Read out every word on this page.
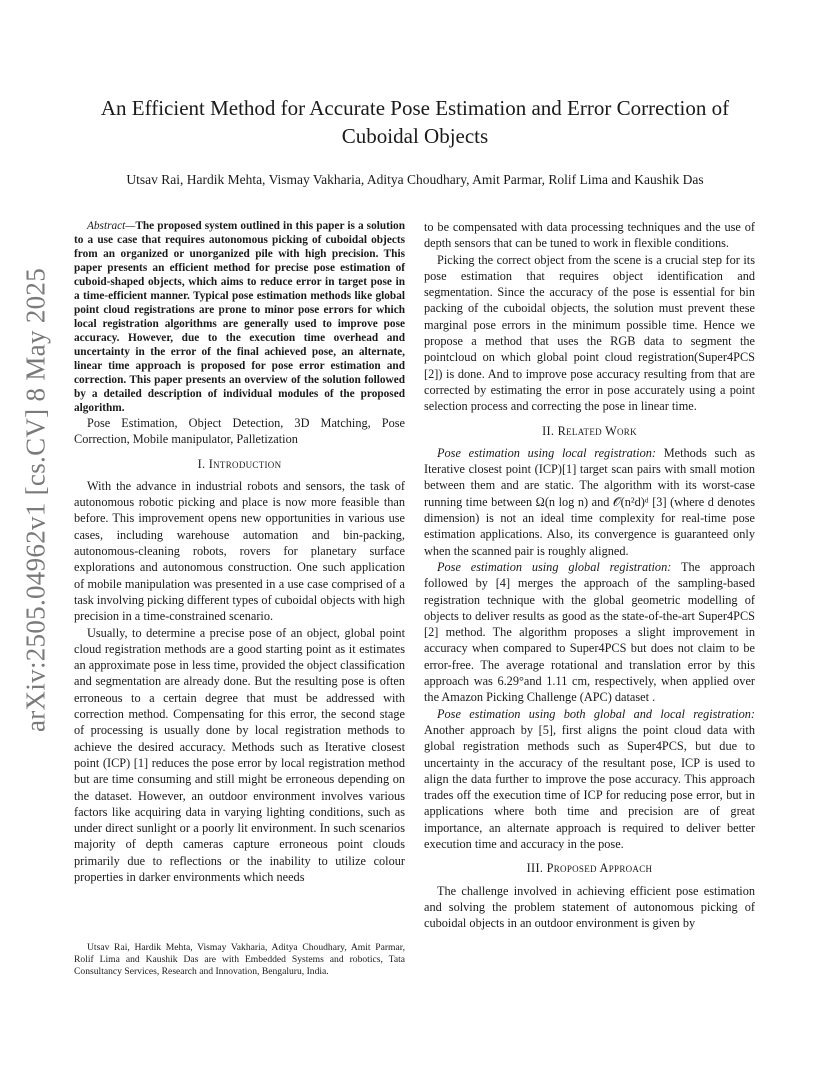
arXiv:2505.04962v1 [cs.CV] 8 May 2025
An Efficient Method for Accurate Pose Estimation and Error Correction of Cuboidal Objects
Utsav Rai, Hardik Mehta, Vismay Vakharia, Aditya Choudhary, Amit Parmar, Rolif Lima and Kaushik Das

Abstract—The proposed system outlined in this paper is a solution to a use case that requires autonomous picking of cuboidal objects from an organized or unorganized pile with high precision. This paper presents an efficient method for precise pose estimation of cuboid-shaped objects, which aims to reduce error in target pose in a time-efficient manner. Typical pose estimation methods like global point cloud registrations are prone to minor pose errors for which local registration algorithms are generally used to improve pose accuracy. However, due to the execution time overhead and uncertainty in the error of the final achieved pose, an alternate, linear time approach is proposed for pose error estimation and correction. This paper presents an overview of the solution followed by a detailed description of individual modules of the proposed algorithm.

Pose Estimation, Object Detection, 3D Matching, Pose Correction, Mobile manipulator, Palletization

I. Introduction

With the advance in industrial robots and sensors, the task of autonomous robotic picking and place is now more feasible than before. This improvement opens new opportunities in various use cases, including warehouse automation and bin-packing, autonomous-cleaning robots, rovers for planetary surface explorations and autonomous construction. One such application of mobile manipulation was presented in a use case comprised of a task involving picking different types of cuboidal objects with high precision in a time-constrained scenario.

Usually, to determine a precise pose of an object, global point cloud registration methods are a good starting point as it estimates an approximate pose in less time, provided the object classification and segmentation are already done. But the resulting pose is often erroneous to a certain degree that must be addressed with correction method. Compensating for this error, the second stage of processing is usually done by local registration methods to achieve the desired accuracy. Methods such as Iterative closest point (ICP) [1] reduces the pose error by local registration method but are time consuming and still might be erroneous depending on the dataset. However, an outdoor environment involves various factors like acquiring data in varying lighting conditions, such as under direct sunlight or a poorly lit environment. In such scenarios majority of depth cameras capture erroneous point clouds primarily due to reflections or the inability to utilize colour properties in darker environments which needs

to be compensated with data processing techniques and the use of depth sensors that can be tuned to work in flexible conditions.

Picking the correct object from the scene is a crucial step for its pose estimation that requires object identification and segmentation. Since the accuracy of the pose is essential for bin packing of the cuboidal objects, the solution must prevent these marginal pose errors in the minimum possible time. Hence we propose a method that uses the RGB data to segment the pointcloud on which global point cloud registration(Super4PCS [2]) is done. And to improve pose accuracy resulting from that are corrected by estimating the error in pose accurately using a point selection process and correcting the pose in linear time.

II. Related Work

Pose estimation using local registration: Methods such as Iterative closest point (ICP)[1] target scan pairs with small motion between them and are static. The algorithm with its worst-case running time between Ω(n log n) and 𝒪(n²d)ᵈ [3] (where d denotes dimension) is not an ideal time complexity for real-time pose estimation applications. Also, its convergence is guaranteed only when the scanned pair is roughly aligned.

Pose estimation using global registration: The approach followed by [4] merges the approach of the sampling-based registration technique with the global geometric modelling of objects to deliver results as good as the state-of-the-art Super4PCS [2] method. The algorithm proposes a slight improvement in accuracy when compared to Super4PCS but does not claim to be error-free. The average rotational and translation error by this approach was 6.29°and 1.11 cm, respectively, when applied over the Amazon Picking Challenge (APC) dataset .

Pose estimation using both global and local registration: Another approach by [5], first aligns the point cloud data with global registration methods such as Super4PCS, but due to uncertainty in the accuracy of the resultant pose, ICP is used to align the data further to improve the pose accuracy. This approach trades off the execution time of ICP for reducing pose error, but in applications where both time and precision are of great importance, an alternate approach is required to deliver better execution time and accuracy in the pose.

III. Proposed Approach

The challenge involved in achieving efficient pose estimation and solving the problem statement of autonomous picking of cuboidal objects in an outdoor environment is given by

Utsav Rai, Hardik Mehta, Vismay Vakharia, Aditya Choudhary, Amit Parmar, Rolif Lima and Kaushik Das are with Embedded Systems and robotics, Tata Consultancy Services, Research and Innovation, Bengaluru, India.
